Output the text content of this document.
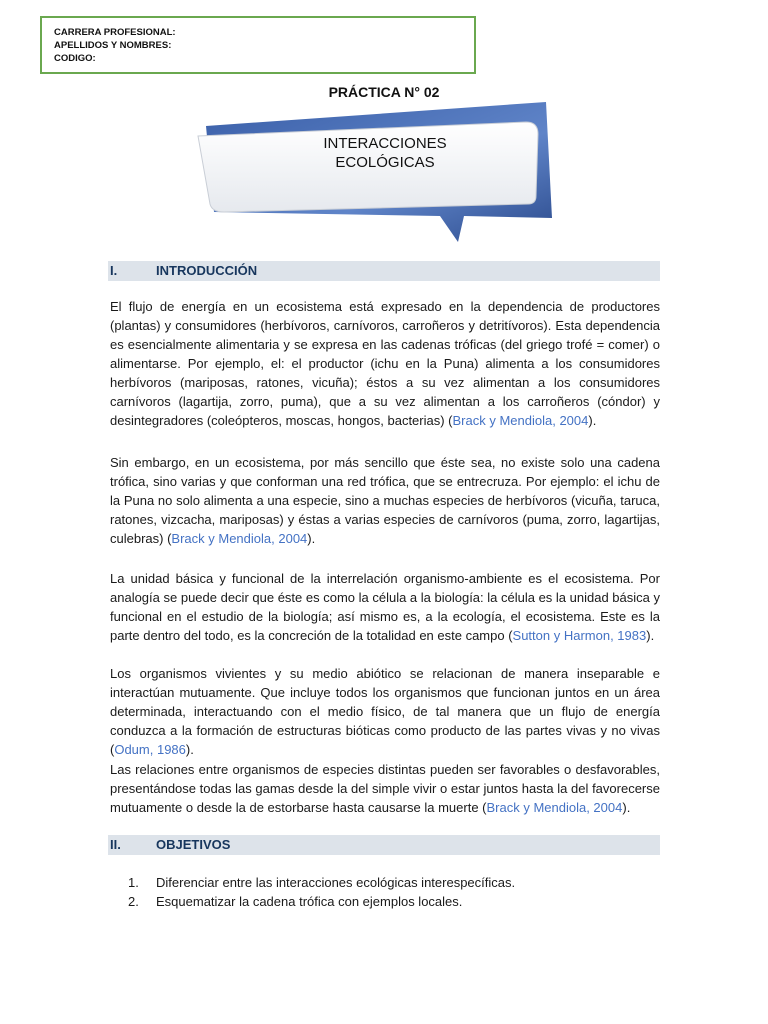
CARRERA PROFESIONAL:
APELLIDOS Y NOMBRES:
CODIGO:
PRÁCTICA N° 02
INTERACCIONES
ECOLÓGICAS
I.	INTRODUCCIÓN
El flujo de energía en un ecosistema está expresado en la dependencia de productores (plantas) y consumidores (herbívoros, carnívoros, carroñeros y detritívoros). Esta dependencia es esencialmente alimentaria y se expresa en las cadenas tróficas (del griego trofé = comer) o alimentarse. Por ejemplo, el: el productor (ichu en la Puna) alimenta a los consumidores herbívoros (mariposas, ratones, vicuña); éstos a su vez alimentan a los consumidores carnívoros (lagartija, zorro, puma), que a su vez alimentan a los carroñeros (cóndor) y desintegradores (coleópteros, moscas, hongos, bacterias) (Brack y Mendiola, 2004).
Sin embargo, en un ecosistema, por más sencillo que éste sea, no existe solo una cadena trófica, sino varias y que conforman una red trófica, que se entrecruza. Por ejemplo: el ichu de la Puna no solo alimenta a una especie, sino a muchas especies de herbívoros (vicuña, taruca, ratones, vizcacha, mariposas) y éstas a varias especies de carnívoros (puma, zorro, lagartijas, culebras) (Brack y Mendiola, 2004).
La unidad básica y funcional de la interrelación organismo-ambiente es el ecosistema. Por analogía se puede decir que éste es como la célula a la biología: la célula es la unidad básica y funcional en el estudio de la biología; así mismo es, a la ecología, el ecosistema. Este es la parte dentro del todo, es la concreción de la totalidad en este campo (Sutton y Harmon, 1983).
Los organismos vivientes y su medio abiótico se relacionan de manera inseparable e interactúan mutuamente. Que incluye todos los organismos que funcionan juntos en un área determinada, interactuando con el medio físico, de tal manera que un flujo de energía conduzca a la formación de estructuras bióticas como producto de las partes vivas y no vivas (Odum, 1986).
Las relaciones entre organismos de especies distintas pueden ser favorables o desfavorables, presentándose todas las gamas desde la del simple vivir o estar juntos hasta la del favorecerse mutuamente o desde la de estorbarse hasta causarse la muerte (Brack y Mendiola, 2004).
II.	OBJETIVOS
1.	Diferenciar entre las interacciones ecológicas interespecíficas.
2.	Esquematizar la cadena trófica con ejemplos locales.
